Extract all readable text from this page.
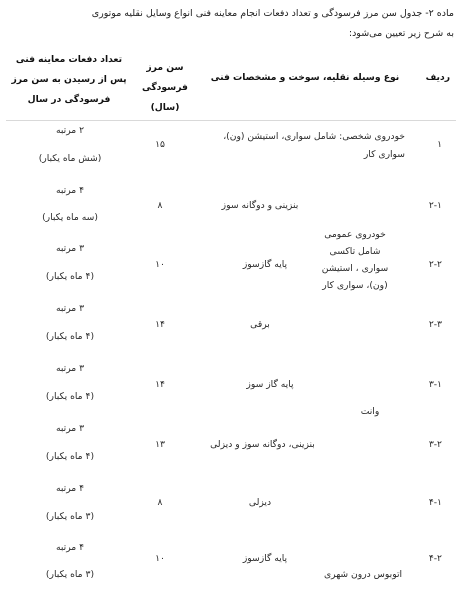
ماده ۲- جدول سن مرز فرسودگی و تعداد دفعات انجام معاینه فنی انواع وسایل نقلیه موتوری
به شرح زیر تعیین می‌شود:
ردیف
نوع وسیله نقلیه، سوخت و مشخصات فنی
سن مرز فرسودگی (سال)
تعداد دفعات معاینه فنی پس از رسیدن به سن مرز فرسودگی در سال
۱
خودروی شخصی: شامل سواری، استیشن (ون)، سواری کار
۱۵
۲ مرتبه
(شش ماه یکبار)
۲-۱
بنزینی و دوگانه سوز
۸
۴ مرتبه
(سه ماه یکبار)
۲-۲
خودروی عمومی شامل تاکسی سواری ، استیشن (ون)، سواری کار
پایه گازسوز
۱۰
۳ مرتبه
(۴ ماه یکبار)
۲-۳
برقی
۱۴
۳ مرتبه
(۴ ماه یکبار)
۳-۱
پایه گاز سوز
۱۴
۳ مرتبه
(۴ ماه یکبار)
وانت
۳-۲
بنزینی، دوگانه سوز و دیزلی
۱۳
۳ مرتبه
(۴ ماه یکبار)
۴-۱
دیزلی
۸
۴ مرتبه
(۳ ماه یکبار)
۴-۲
پایه گازسوز
۱۰
۴ مرتبه
(۳ ماه یکبار)	اتوبوس درون شهری
